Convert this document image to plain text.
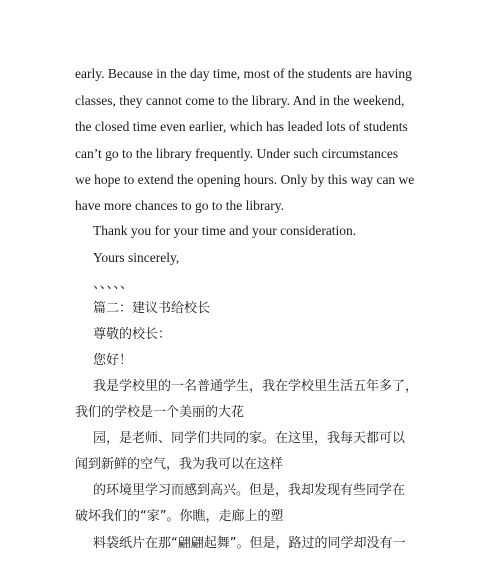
early. Because in the day time, most of the students are having
classes, they cannot come to the library. And in the weekend,
the closed time even earlier, which has leaded lots of students
can’t go to the library frequently. Under such circumstances
we hope to extend the opening hours. Only by this way can we
have more chances to go to the library.
Thank you for your time and your consideration.
Yours sincerely,
、、、、、
篇二：建议书给校长
尊敬的校长：
您好！
我是学校里的一名普通学生，我在学校里生活五年多了，
我们的学校是一个美丽的大花
园，是老师、同学们共同的家。在这里，我每天都可以
闻到新鲜的空气，我为我可以在这样
的环境里学习而感到高兴。但是，我却发现有些同学在
破坏我们的“家”。你瞧，走廊上的塑
料袋纸片在那“翩翩起舞”。但是，路过的同学却没有一
